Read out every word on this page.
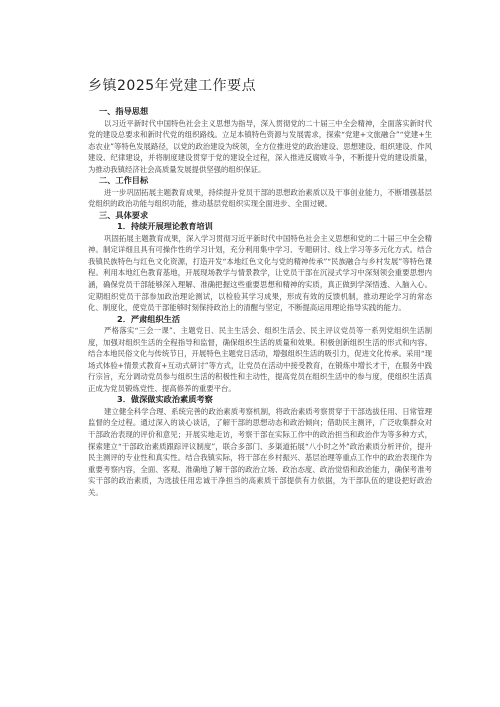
乡镇2025年党建工作要点
一、指导思想

以习近平新时代中国特色社会主义思想为指导，深入贯彻党的二十届三中全会精神，全面落实新时代党的建设总要求和新时代党的组织路线。立足本镇特色资源与发展需求，探索“党建+文旅融合”“党建+生态农业”等特色发展路径，以党的政治建设为统领，全方位推进党的政治建设、思想建设、组织建设、作风建设、纪律建设，并将制度建设贯穿于党的建设全过程，深入推进反腐败斗争，不断提升党的建设质量，为推动我镇经济社会高质量发展提供坚强的组织保证。

二、工作目标

进一步巩固拓展主题教育成果，持续提升党员干部的思想政治素质以及干事创业能力，不断增强基层党组织的政治功能与组织功能，推动基层党组织实现全面进步、全面过硬。

三、具体要求
1．持续开展理论教育培训

巩固拓展主题教育成果，深入学习贯彻习近平新时代中国特色社会主义思想和党的二十届三中全会精神。制定详细且具有可操作性的学习计划，充分利用集中学习、专题研讨、线上学习等多元化方式。结合我镇民族特色与红色文化资源，打造开发“本地红色文化与党的精神传承”“民族融合与乡村发展”等特色课程。利用本地红色教育基地，开展现场教学与情景教学，让党员干部在沉浸式学习中深刻领会重要思想内涵，确保党员干部能够深入理解、准确把握这些重要思想和精神的实质，真正做到学深悟透、入脑入心。定期组织党员干部参加政治理论测试，以检验其学习成果，形成有效的反馈机制，推动理论学习的常态化、制度化，使党员干部能够时刻保持政治上的清醒与坚定，不断提高运用理论指导实践的能力。

2．严肃组织生活

严格落实“三会一课”、主题党日、民主生活会、组织生活会、民主评议党员等一系列党组织生活制度，加强对组织生活的全程指导和监督，确保组织生活的质量和效果。积极创新组织生活的形式和内容。结合本地民俗文化与传统节日，开展特色主题党日活动，增强组织生活的吸引力，促进文化传承。采用“现场式体验+情景式教育+互动式研讨”等方式，让党员在活动中接受教育，在锻炼中增长才干，在服务中践行宗旨，充分调动党员参与组织生活的积极性和主动性，提高党员在组织生活中的参与度，使组织生活真正成为党员锻炼党性、提高修养的重要平台。

3．做深做实政治素质考察

建立健全科学合理、系统完善的政治素质考察机制，将政治素质考察贯穿于干部选拔任用、日常管理监督的全过程。通过深入的谈心谈话，了解干部的思想动态和政治倾向；借助民主测评，广泛收集群众对干部政治表现的评价和意见；开展实地走访，考察干部在实际工作中的政治担当和政治作为等多种方式，探索建立“干部政治素质跟踪评议制度”，联合多部门、多渠道拓展“八小时之外”政治素质分析评价，提升民主测评的专业性和真实性。结合我镇实际，将干部在乡村振兴、基层治理等重点工作中的政治表现作为重要考察内容，全面、客观、准确地了解干部的政治立场、政治态度、政治觉悟和政治能力，确保考准考实干部的政治素质，为选拔任用忠诚干净担当的高素质干部提供有力依据，为干部队伍的建设把好政治关。
